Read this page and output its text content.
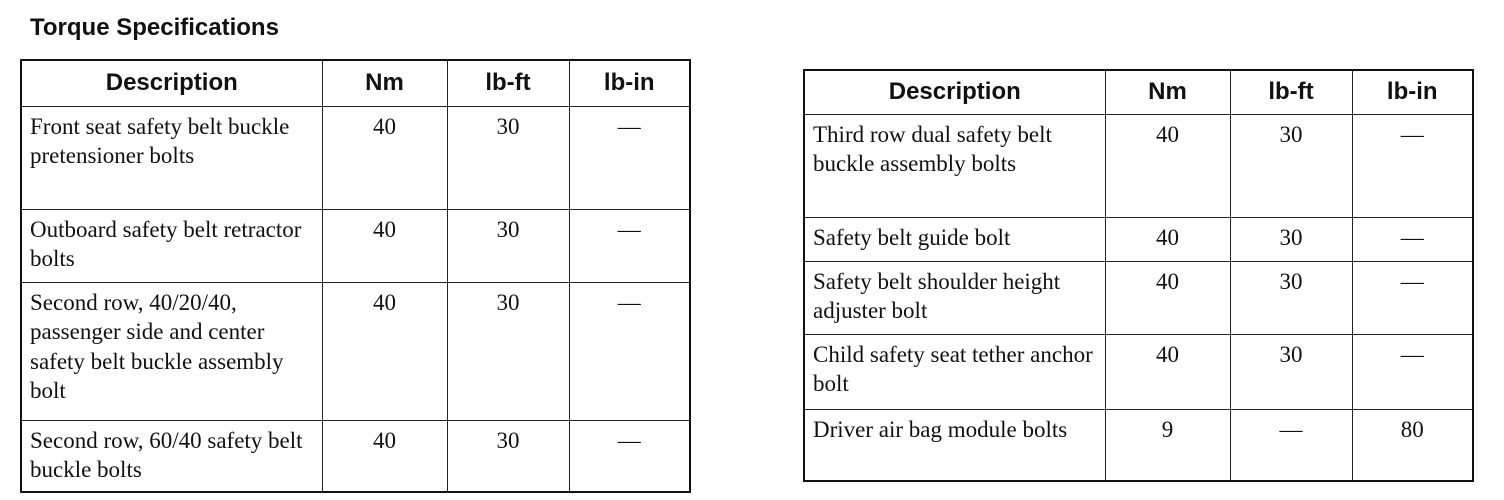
Torque Specifications
Description	Nm	lb-ft	lb-in
Front seat safety belt buckle pretensioner bolts	40	30	—
Outboard safety belt retractor bolts	40	30	—
Second row, 40/20/40, passenger side and center safety belt buckle assembly bolt	40	30	—
Second row, 60/40 safety belt buckle bolts	40	30	—
Description	Nm	lb-ft	lb-in
Third row dual safety belt buckle assembly bolts	40	30	—
Safety belt guide bolt	40	30	—
Safety belt shoulder height adjuster bolt	40	30	—
Child safety seat tether anchor bolt	40	30	—
Driver air bag module bolts	9	—	80
